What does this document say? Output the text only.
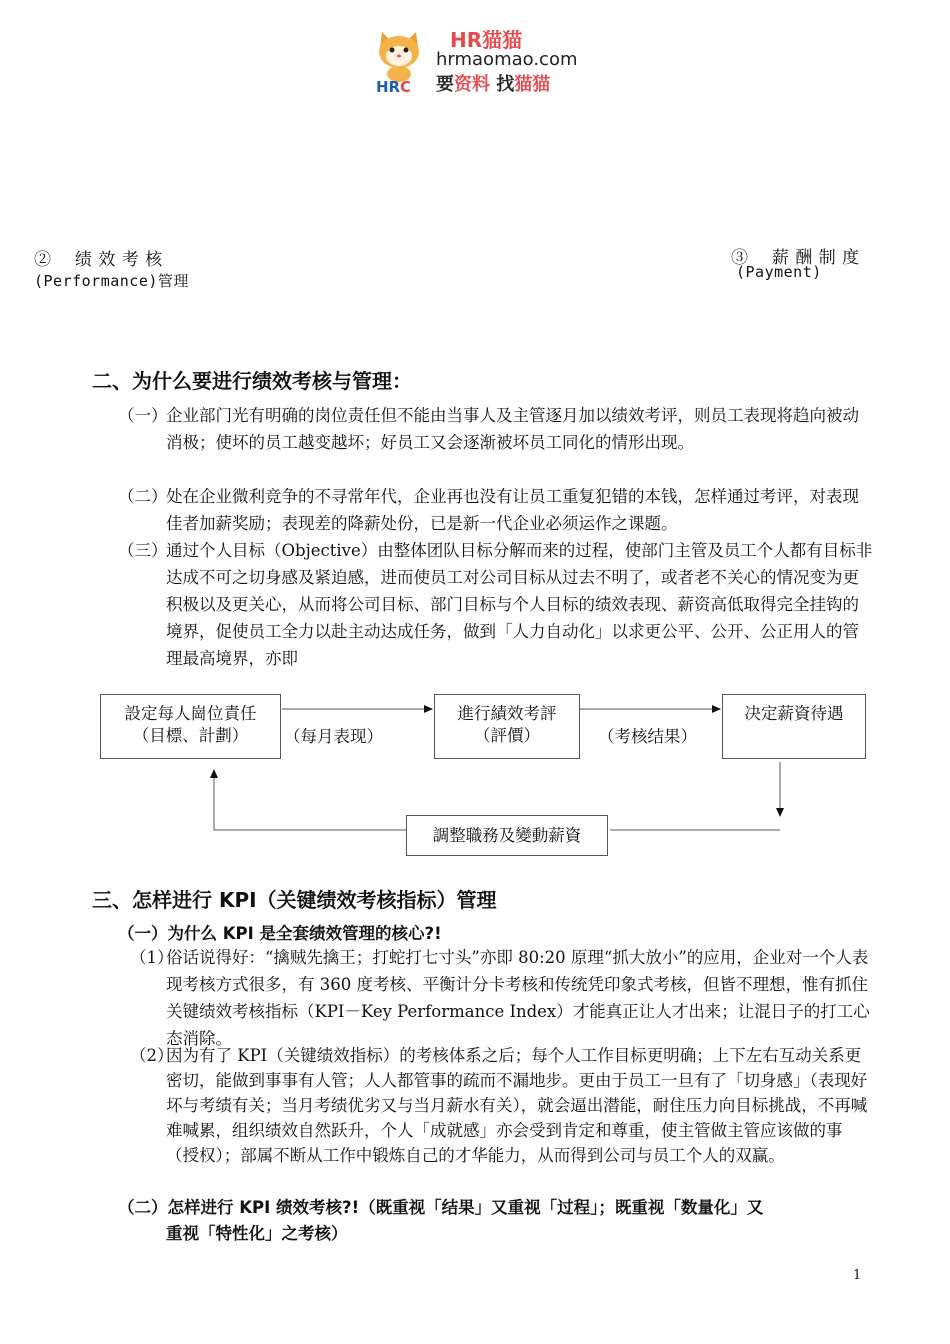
HR C
HR猫猫
hrmaomao.com
要资料 找猫猫
②　 绩 效 考 核
(Performance)管理
③　 薪 酬 制 度
(Payment)
二、为什么要进行绩效考核与管理：
（一）
企业部门光有明确的岗位责任但不能由当事人及主管逐月加以绩效考评，则员工表现将趋向被动消极；使坏的员工越变越坏；好员工又会逐渐被坏员工同化的情形出现。
（二）
处在企业微利竞争的不寻常年代，企业再也没有让员工重复犯错的本钱，怎样通过考评，对表现佳者加薪奖励；表现差的降薪处份，已是新一代企业必须运作之课题。
（三）
通过个人目标（Objective）由整体团队目标分解而来的过程，使部门主管及员工个人都有目标非达成不可之切身感及紧迫感，进而使员工对公司目标从过去不明了，或者老不关心的情况变为更积极以及更关心，从而将公司目标、部门目标与个人目标的绩效表现、薪资高低取得完全挂钩的境界，促使员工全力以赴主动达成任务，做到「人力自动化」以求更公平、公开、公正用人的管理最高境界，亦即
設定每人崗位責任
（目標、計劃）	（每月表现）
進行績效考評
（評價）	（考核结果）
决定薪資待遇
調整職務及變動薪資
三、怎样进行 KPI（关键绩效考核指标）管理
（一）为什么 KPI 是全套绩效管理的核心?!
（1）
俗话说得好：“擒贼先擒王；打蛇打七寸头”亦即 80:20 原理“抓大放小”的应用，企业对一个人表现考核方式很多，有 360 度考核、平衡计分卡考核和传统凭印象式考核，但皆不理想，惟有抓住关键绩效考核指标（KPI－Key Performance Index）才能真正让人才出来；让混日子的打工心态消除。
（2）
因为有了 KPI（关键绩效指标）的考核体系之后；每个人工作目标更明确；上下左右互动关系更密切，能做到事事有人管；人人都管事的疏而不漏地步。更由于员工一旦有了「切身感」（表现好坏与考绩有关；当月考绩优劣又与当月薪水有关），就会逼出潜能，耐住压力向目标挑战，不再喊难喊累，组织绩效自然跃升，个人「成就感」亦会受到肯定和尊重，使主管做主管应该做的事（授权）；部属不断从工作中锻炼自己的才华能力，从而得到公司与员工个人的双赢。
（二）怎样进行 KPI 绩效考核?!（既重视「结果」又重视「过程」；既重视「数量化」又
重视「特性化」之考核）
1
